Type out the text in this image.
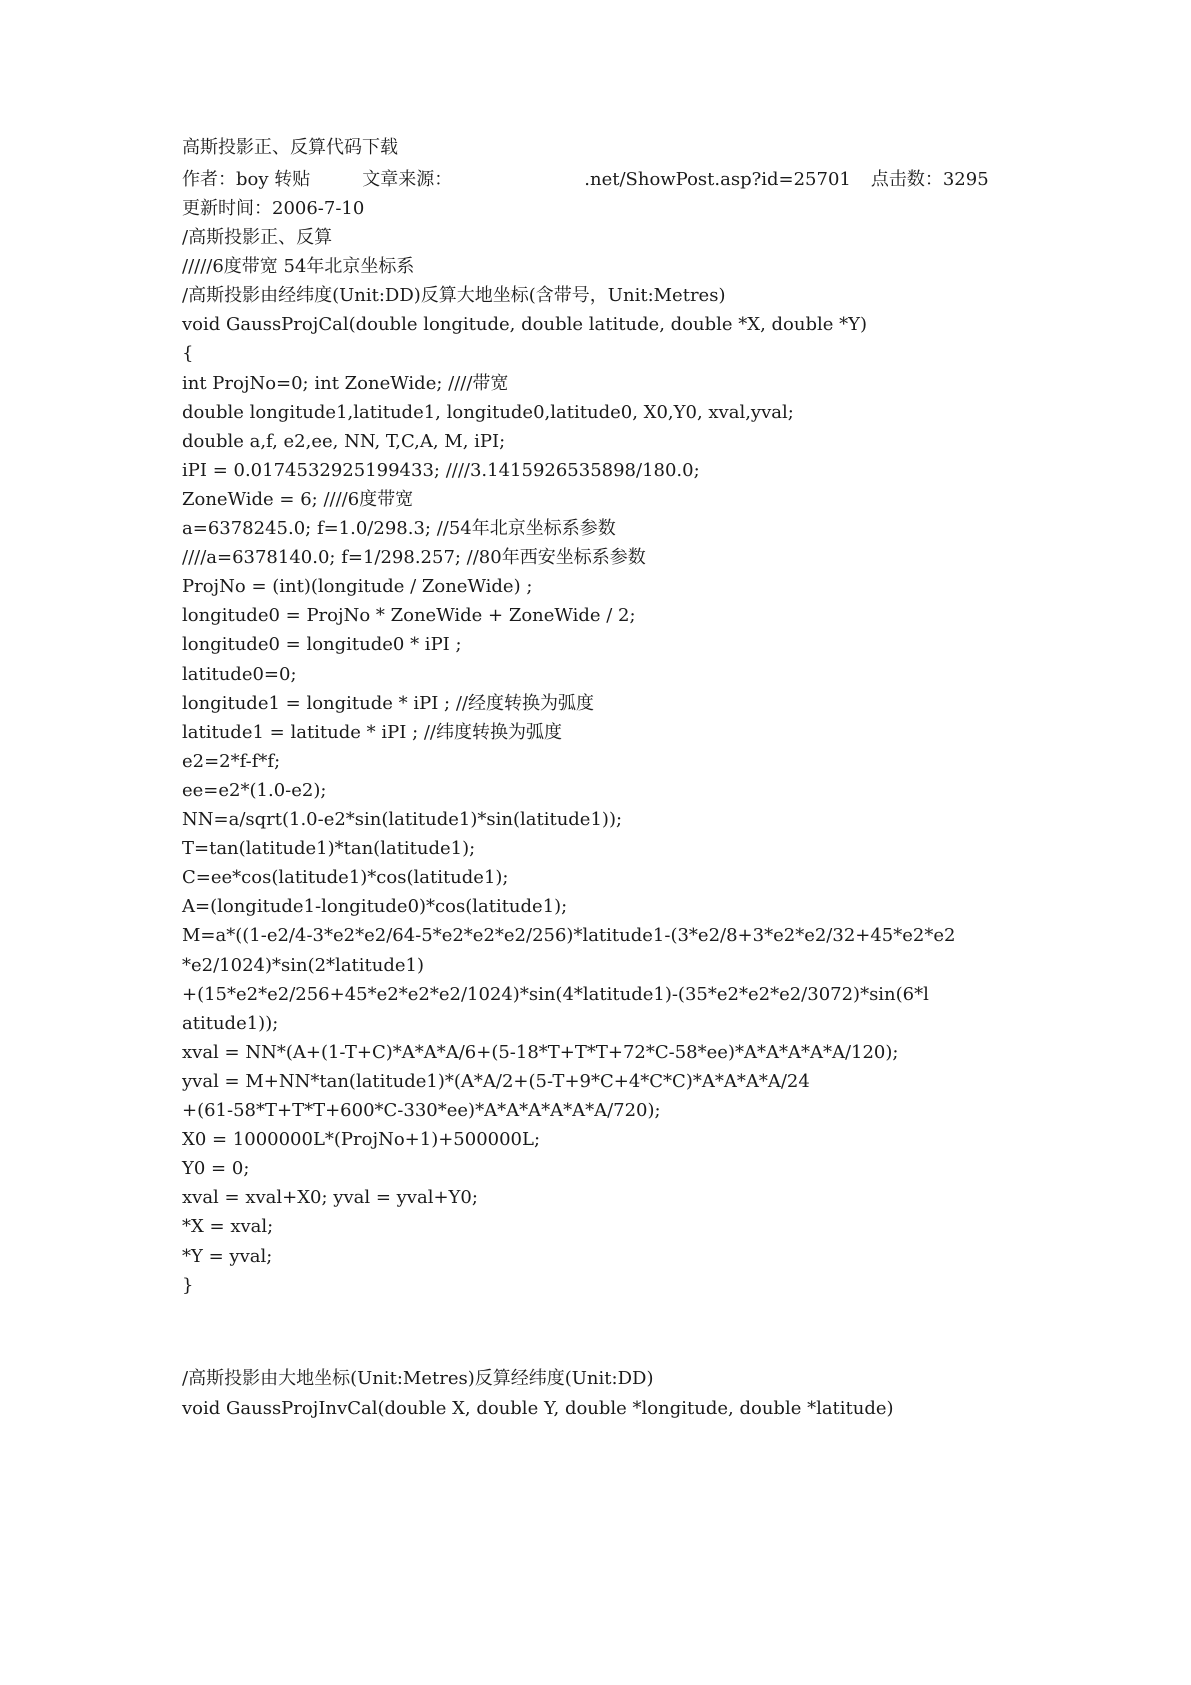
高斯投影正、反算代码下载
作者：boy 转贴	文章来源：	.net/ShowPost.asp?id=25701 点击数：3295
更新时间：2006-7-10
/高斯投影正、反算
/////6度带宽 54年北京坐标系
/高斯投影由经纬度(Unit:DD)反算大地坐标(含带号，Unit:Metres)
void GaussProjCal(double longitude, double latitude, double *X, double *Y)
{
int ProjNo=0; int ZoneWide; ////带宽
double longitude1,latitude1, longitude0,latitude0, X0,Y0, xval,yval;
double a,f, e2,ee, NN, T,C,A, M, iPI;
iPI = 0.0174532925199433; ////3.1415926535898/180.0;
ZoneWide = 6; ////6度带宽
a=6378245.0; f=1.0/298.3; //54年北京坐标系参数
////a=6378140.0; f=1/298.257; //80年西安坐标系参数
ProjNo = (int)(longitude / ZoneWide) ;
longitude0 = ProjNo * ZoneWide + ZoneWide / 2;
longitude0 = longitude0 * iPI ;
latitude0=0;
longitude1 = longitude * iPI ; //经度转换为弧度
latitude1 = latitude * iPI ; //纬度转换为弧度
e2=2*f-f*f;
ee=e2*(1.0-e2);
NN=a/sqrt(1.0-e2*sin(latitude1)*sin(latitude1));
T=tan(latitude1)*tan(latitude1);
C=ee*cos(latitude1)*cos(latitude1);
A=(longitude1-longitude0)*cos(latitude1);
M=a*((1-e2/4-3*e2*e2/64-5*e2*e2*e2/256)*latitude1-(3*e2/8+3*e2*e2/32+45*e2*e2
*e2/1024)*sin(2*latitude1)
+(15*e2*e2/256+45*e2*e2*e2/1024)*sin(4*latitude1)-(35*e2*e2*e2/3072)*sin(6*l
atitude1));
xval = NN*(A+(1-T+C)*A*A*A/6+(5-18*T+T*T+72*C-58*ee)*A*A*A*A*A/120);
yval = M+NN*tan(latitude1)*(A*A/2+(5-T+9*C+4*C*C)*A*A*A*A/24
+(61-58*T+T*T+600*C-330*ee)*A*A*A*A*A*A/720);
X0 = 1000000L*(ProjNo+1)+500000L;
Y0 = 0;
xval = xval+X0; yval = yval+Y0;
*X = xval;
*Y = yval;
}
/高斯投影由大地坐标(Unit:Metres)反算经纬度(Unit:DD)
void GaussProjInvCal(double X, double Y, double *longitude, double *latitude)
